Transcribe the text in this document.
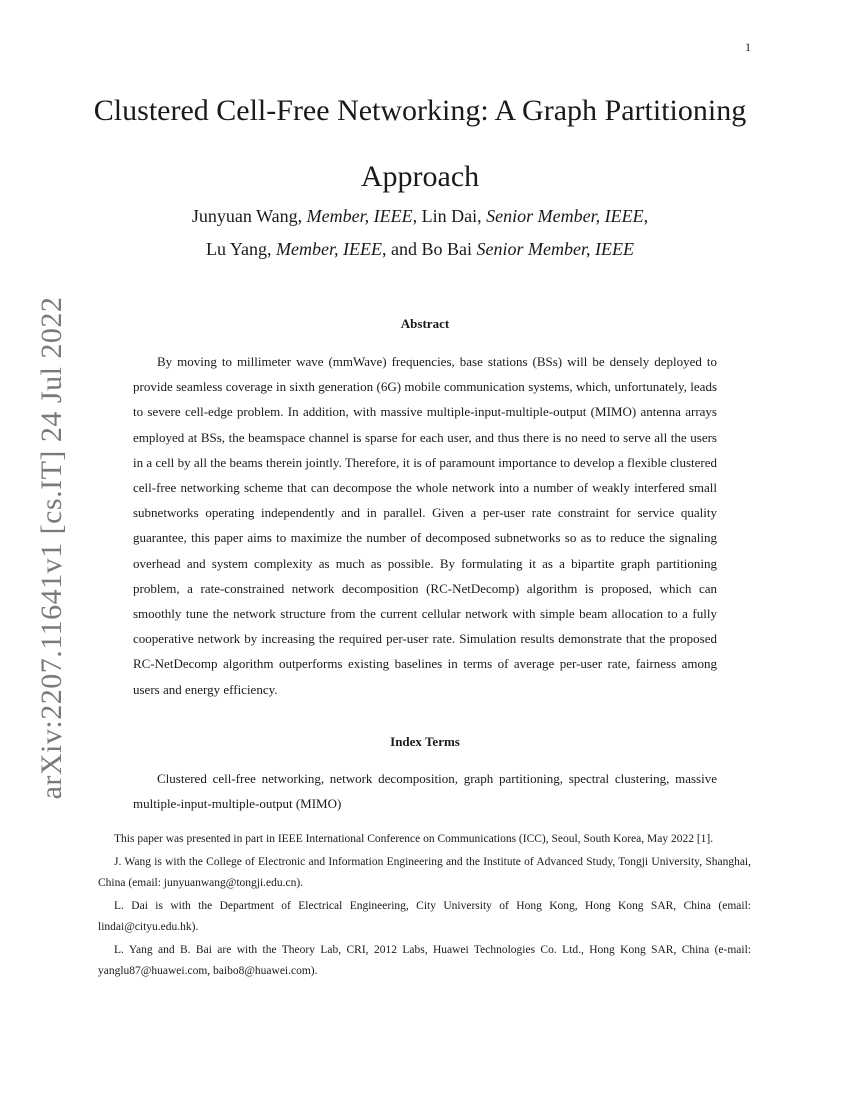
1
arXiv:2207.11641v1 [cs.IT] 24 Jul 2022
Clustered Cell-Free Networking: A Graph Partitioning Approach
Junyuan Wang, Member, IEEE, Lin Dai, Senior Member, IEEE,
Lu Yang, Member, IEEE, and Bo Bai Senior Member, IEEE
Abstract

By moving to millimeter wave (mmWave) frequencies, base stations (BSs) will be densely deployed to provide seamless coverage in sixth generation (6G) mobile communication systems, which, unfortunately, leads to severe cell-edge problem. In addition, with massive multiple-input-multiple-output (MIMO) antenna arrays employed at BSs, the beamspace channel is sparse for each user, and thus there is no need to serve all the users in a cell by all the beams therein jointly. Therefore, it is of paramount importance to develop a flexible clustered cell-free networking scheme that can decompose the whole network into a number of weakly interfered small subnetworks operating independently and in parallel. Given a per-user rate constraint for service quality guarantee, this paper aims to maximize the number of decomposed subnetworks so as to reduce the signaling overhead and system complexity as much as possible. By formulating it as a bipartite graph partitioning problem, a rate-constrained network decomposition (RC-NetDecomp) algorithm is proposed, which can smoothly tune the network structure from the current cellular network with simple beam allocation to a fully cooperative network by increasing the required per-user rate. Simulation results demonstrate that the proposed RC-NetDecomp algorithm outperforms existing baselines in terms of average per-user rate, fairness among users and energy efficiency.

Index Terms

Clustered cell-free networking, network decomposition, graph partitioning, spectral clustering, massive multiple-input-multiple-output (MIMO)

This paper was presented in part in IEEE International Conference on Communications (ICC), Seoul, South Korea, May 2022 [1].

J. Wang is with the College of Electronic and Information Engineering and the Institute of Advanced Study, Tongji University, Shanghai, China (email: junyuanwang@tongji.edu.cn).

L. Dai is with the Department of Electrical Engineering, City University of Hong Kong, Hong Kong SAR, China (email: lindai@cityu.edu.hk).

L. Yang and B. Bai are with the Theory Lab, CRI, 2012 Labs, Huawei Technologies Co. Ltd., Hong Kong SAR, China (e-mail: yanglu87@huawei.com, baibo8@huawei.com).
